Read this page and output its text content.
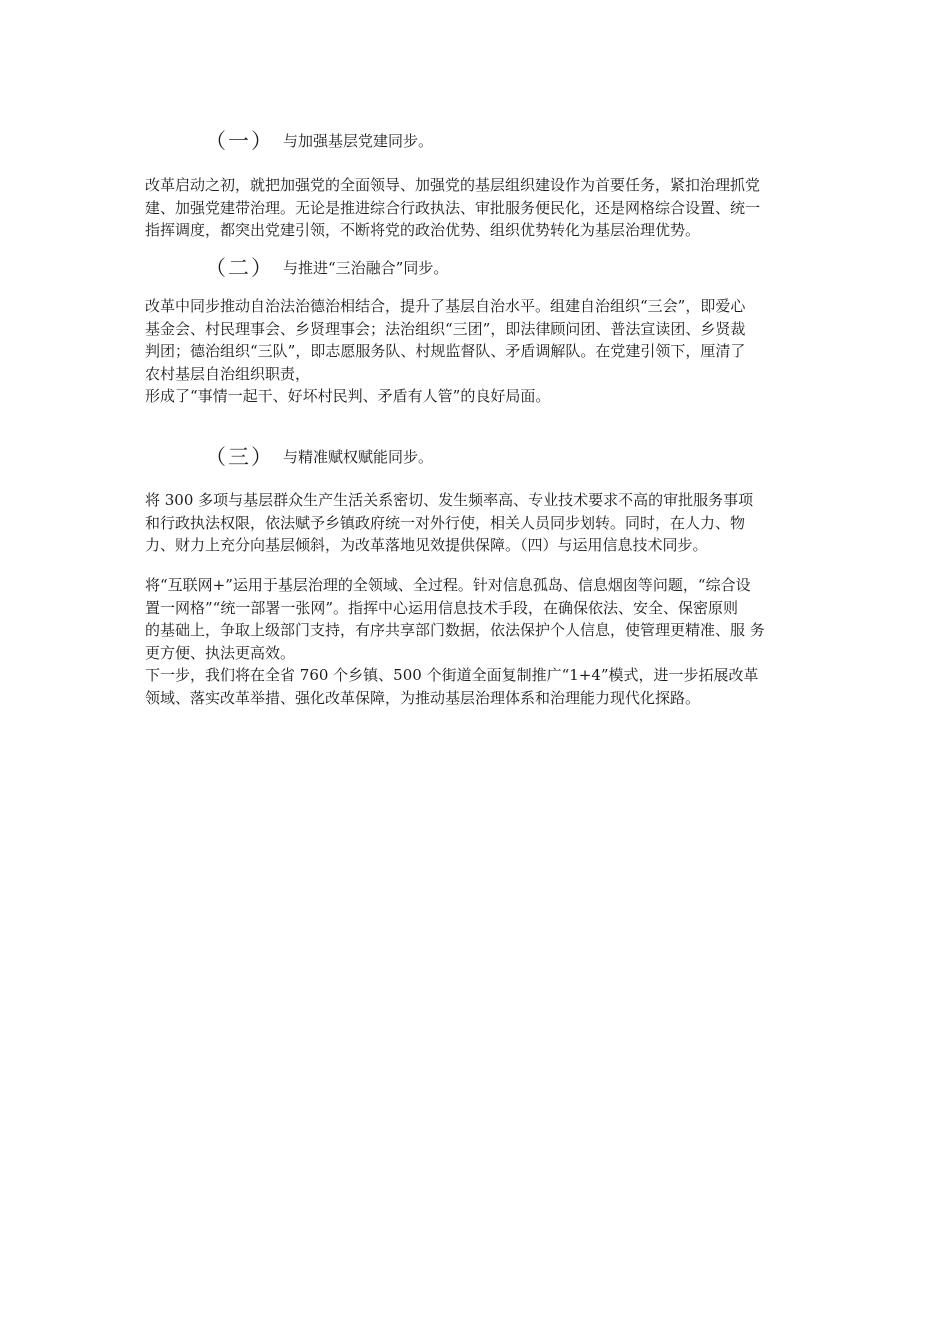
（一） 与加强基层党建同步。

改革启动之初，就把加强党的全面领导、加强党的基层组织建设作为首要任务，紧扣治理抓党
建、加强党建带治理。无论是推进综合行政执法、审批服务便民化，还是网格综合设置、统一
指挥调度，都突出党建引领，不断将党的政治优势、组织优势转化为基层治理优势。

（二） 与推进“三治融合”同步。

改革中同步推动自治法治德治相结合，提升了基层自治水平。组建自治组织“三会”，即爱心
基金会、村民理事会、乡贤理事会；法治组织“三团”，即法律顾问团、普法宣读团、乡贤裁
判团；德治组织“三队”，即志愿服务队、村规监督队、矛盾调解队。在党建引领下，厘清了
农村基层自治组织职责，
形成了“事情一起干、好坏村民判、矛盾有人管”的良好局面。

（三） 与精准赋权赋能同步。

将 300 多项与基层群众生产生活关系密切、发生频率高、专业技术要求不高的审批服务事项
和行政执法权限，依法赋予乡镇政府统一对外行使，相关人员同步划转。同时，在人力、物
力、财力上充分向基层倾斜，为改革落地见效提供保障。（四）与运用信息技术同步。

将“互联网+”运用于基层治理的全领域、全过程。针对信息孤岛、信息烟囱等问题，“综合设
置一网格”“统一部署一张网”。指挥中心运用信息技术手段，在确保依法、安全、保密原则
的基础上，争取上级部门支持，有序共享部门数据，依法保护个人信息，使管理更精准、服 务
更方便、执法更高效。
下一步，我们将在全省 760 个乡镇、500 个街道全面复制推广“1+4”模式，进一步拓展改革
领域、落实改革举措、强化改革保障，为推动基层治理体系和治理能力现代化探路。
